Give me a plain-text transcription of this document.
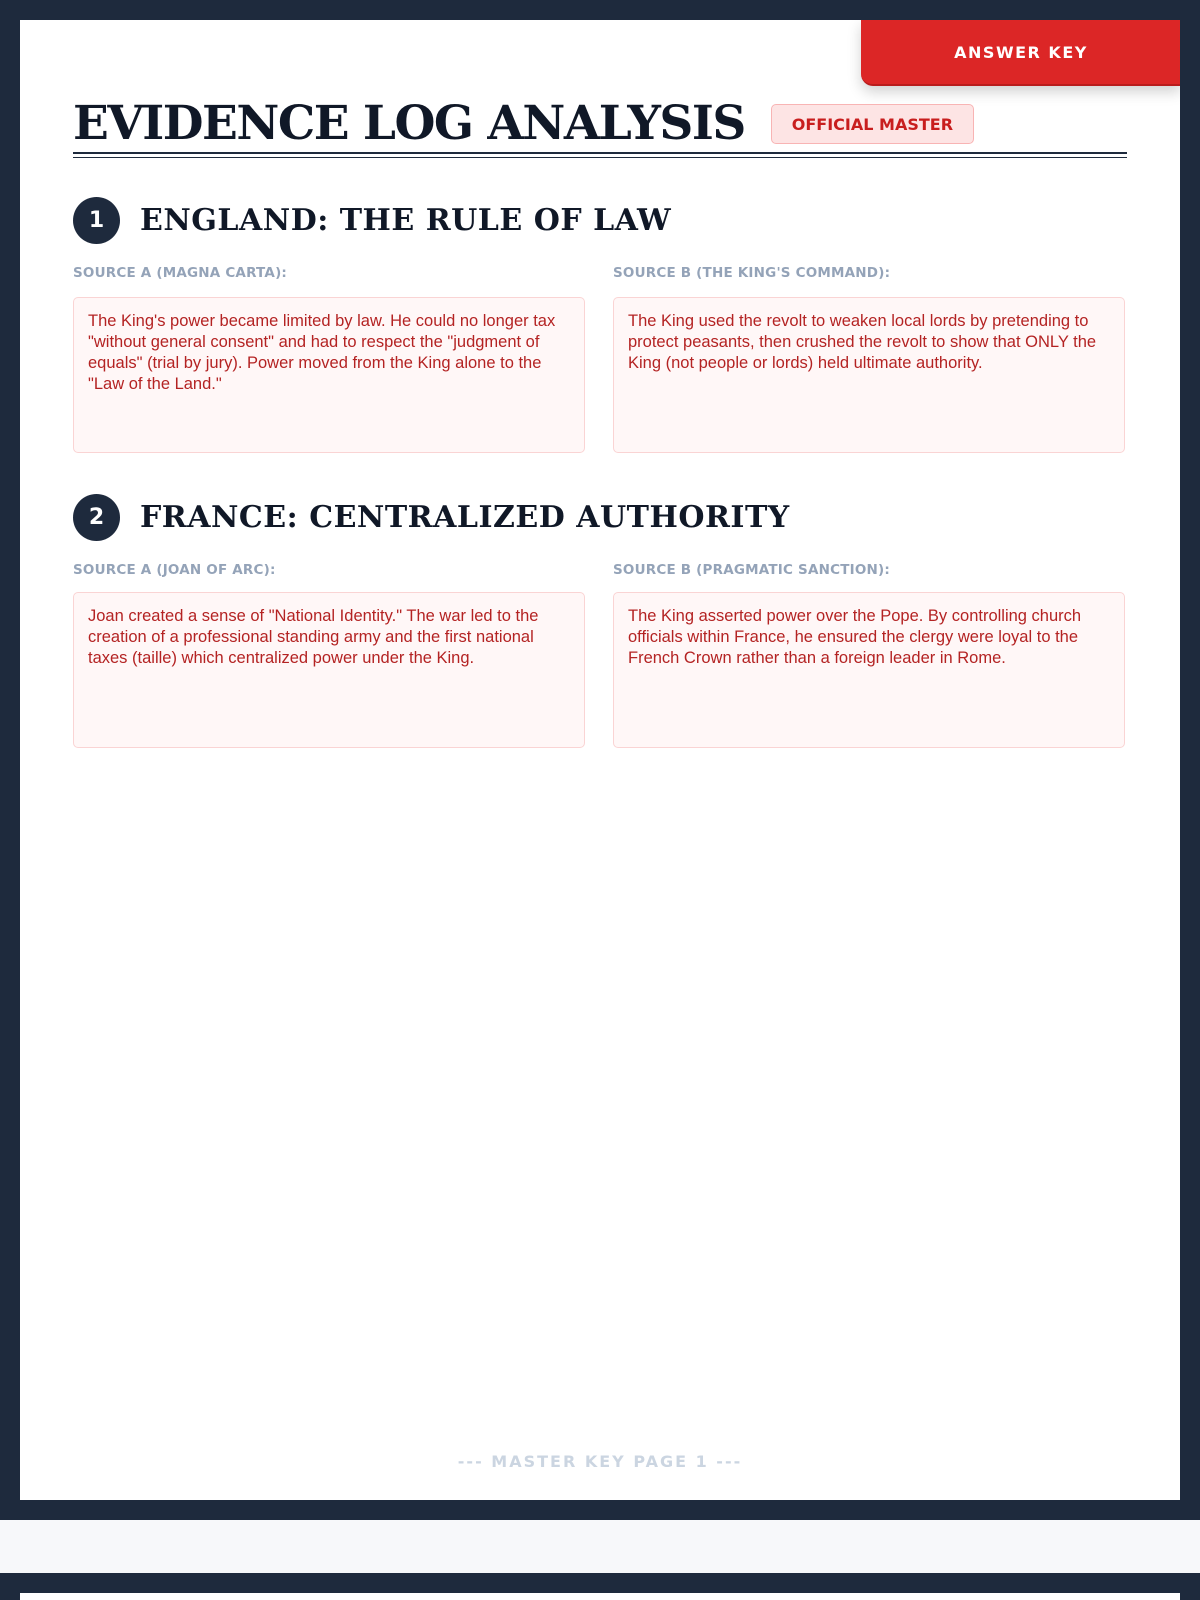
ANSWER KEY
EVIDENCE LOG ANALYSIS	OFFICIAL MASTER
1	ENGLAND: THE RULE OF LAW
SOURCE A (MAGNA CARTA):	SOURCE B (THE KING'S COMMAND):
The King's power became limited by law. He could no longer tax "without general consent" and had to respect the "judgment of equals" (trial by jury). Power moved from the King alone to the "Law of the Land."
The King used the revolt to weaken local lords by pretending to protect peasants, then crushed the revolt to show that ONLY the King (not people or lords) held ultimate authority.
2	FRANCE: CENTRALIZED AUTHORITY
SOURCE A (JOAN OF ARC):	SOURCE B (PRAGMATIC SANCTION):
Joan created a sense of "National Identity." The war led to the creation of a professional standing army and the first national taxes (taille) which centralized power under the King.
The King asserted power over the Pope. By controlling church officials within France, he ensured the clergy were loyal to the French Crown rather than a foreign leader in Rome.
--- MASTER KEY PAGE 1 ---
